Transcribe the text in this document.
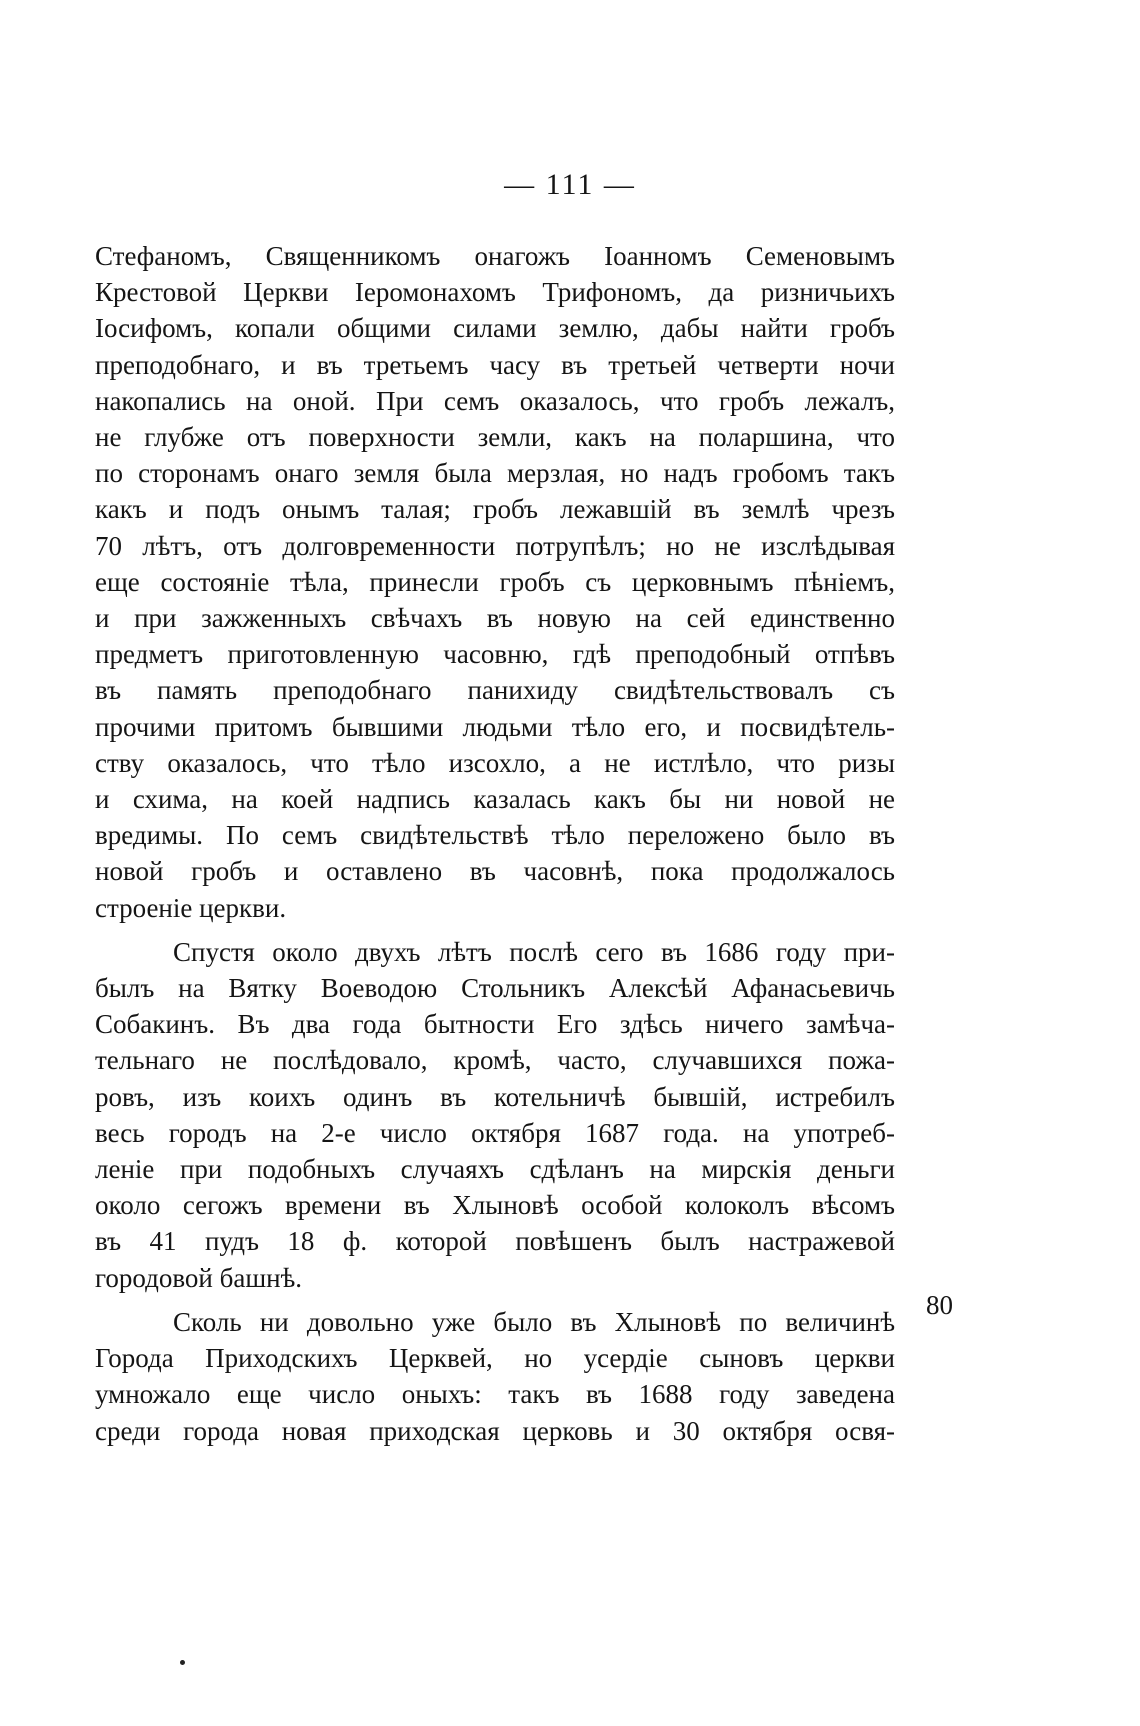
— 111 —
Стефаномъ, Священникомъ онагожъ Іоанномъ Семеновымъ
Крестовой Церкви Іеромонахомъ Трифономъ, да ризничьихъ
Іосифомъ, копали общими силами землю, дабы найти гробъ
преподобнаго, и въ третьемъ часу въ третьей четверти ночи
накопались на оной. При семъ оказалось, что гробъ лежалъ,
не глубже отъ поверхности земли, какъ на поларшина, что
по сторонамъ онаго земля была мерзлая, но надъ гробомъ такъ
какъ и подъ онымъ талая; гробъ лежавшій въ землѣ чрезъ
70 лѣтъ, отъ долговременности потрупѣлъ; но не изслѣдывая
еще состояніе тѣла, принесли гробъ съ церковнымъ пѣніемъ,
и при зажженныхъ свѣчахъ въ новую на сей единственно
предметъ приготовленную часовню, гдѣ преподобный отпѣвъ
въ память преподобнаго панихиду свидѣтельствовалъ съ
прочими притомъ бывшими людьми тѣло его, и посвидѣтель-
ству оказалось, что тѣло изсохло, а не истлѣло, что ризы
и схима, на коей надпись казалась какъ бы ни новой не
вредимы. По семъ свидѣтельствѣ тѣло переложено было въ
новой гробъ и оставлено въ часовнѣ, пока продолжалось
строеніе церкви.
Спустя около двухъ лѣтъ послѣ сего въ 1686 году при-
былъ на Вятку Воеводою Стольникъ Алексѣй Афанасьевичь
Собакинъ. Въ два года бытности Его здѣсь ничего замѣча-
тельнаго не послѣдовало, кромѣ, часто, случавшихся пожа-
ровъ, изъ коихъ одинъ въ котельничѣ бывшій, истребилъ
весь городъ на 2-е число октября 1687 года. на употреб-
леніе при подобныхъ случаяхъ сдѣланъ на мирскія деньги
около сегожъ времени въ Хлыновѣ особой колоколъ вѣсомъ
въ 41 пудъ 18 ф. которой повѣшенъ былъ настражевой
городовой башнѣ.
Сколь ни довольно уже было въ Хлыновѣ по величинѣ
Города Приходскихъ Церквей, но усердіе сыновъ церкви
умножало еще число оныхъ: такъ въ 1688 году заведена
среди города новая приходская церковь и 30 октября освя-
80
